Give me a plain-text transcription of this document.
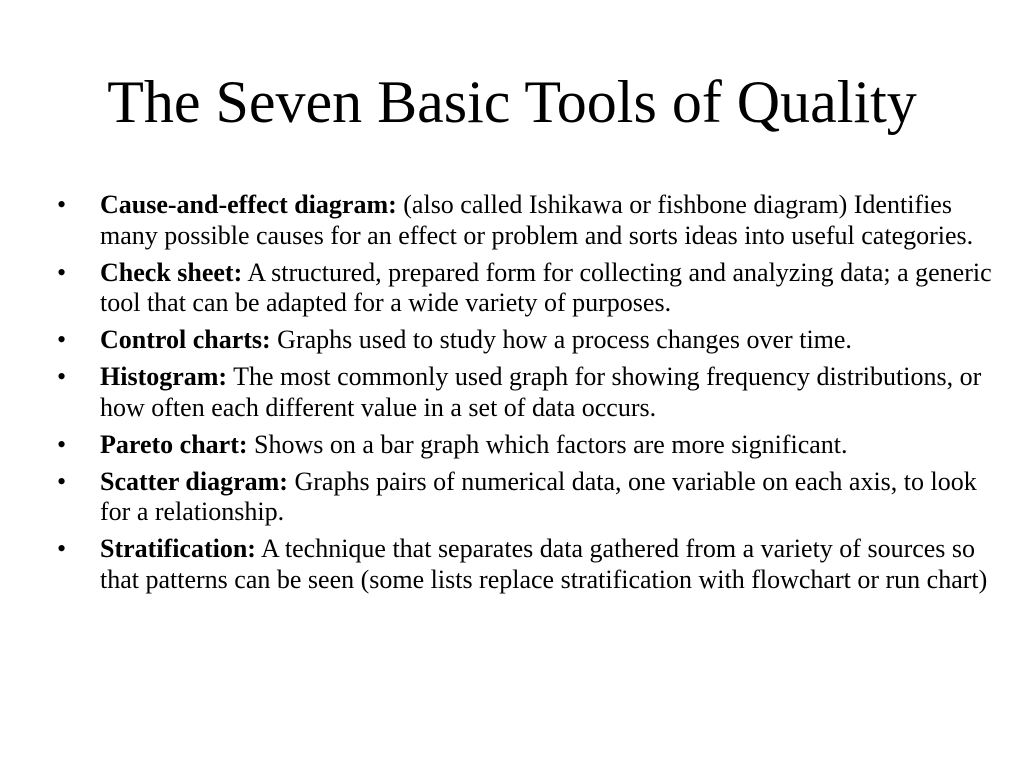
The Seven Basic Tools of Quality
•	Cause-and-effect diagram: (also called Ishikawa or fishbone diagram) Identifies many possible causes for an effect or problem and sorts ideas into useful categories.
•	Check sheet: A structured, prepared form for collecting and analyzing data; a generic tool that can be adapted for a wide variety of purposes.
•	Control charts: Graphs used to study how a process changes over time.
•	Histogram: The most commonly used graph for showing frequency distributions, or how often each different value in a set of data occurs.
•	Pareto chart: Shows on a bar graph which factors are more significant.
•	Scatter diagram: Graphs pairs of numerical data, one variable on each axis, to look for a relationship.
•	Stratification: A technique that separates data gathered from a variety of sources so that patterns can be seen (some lists replace stratification with flowchart or run chart)
